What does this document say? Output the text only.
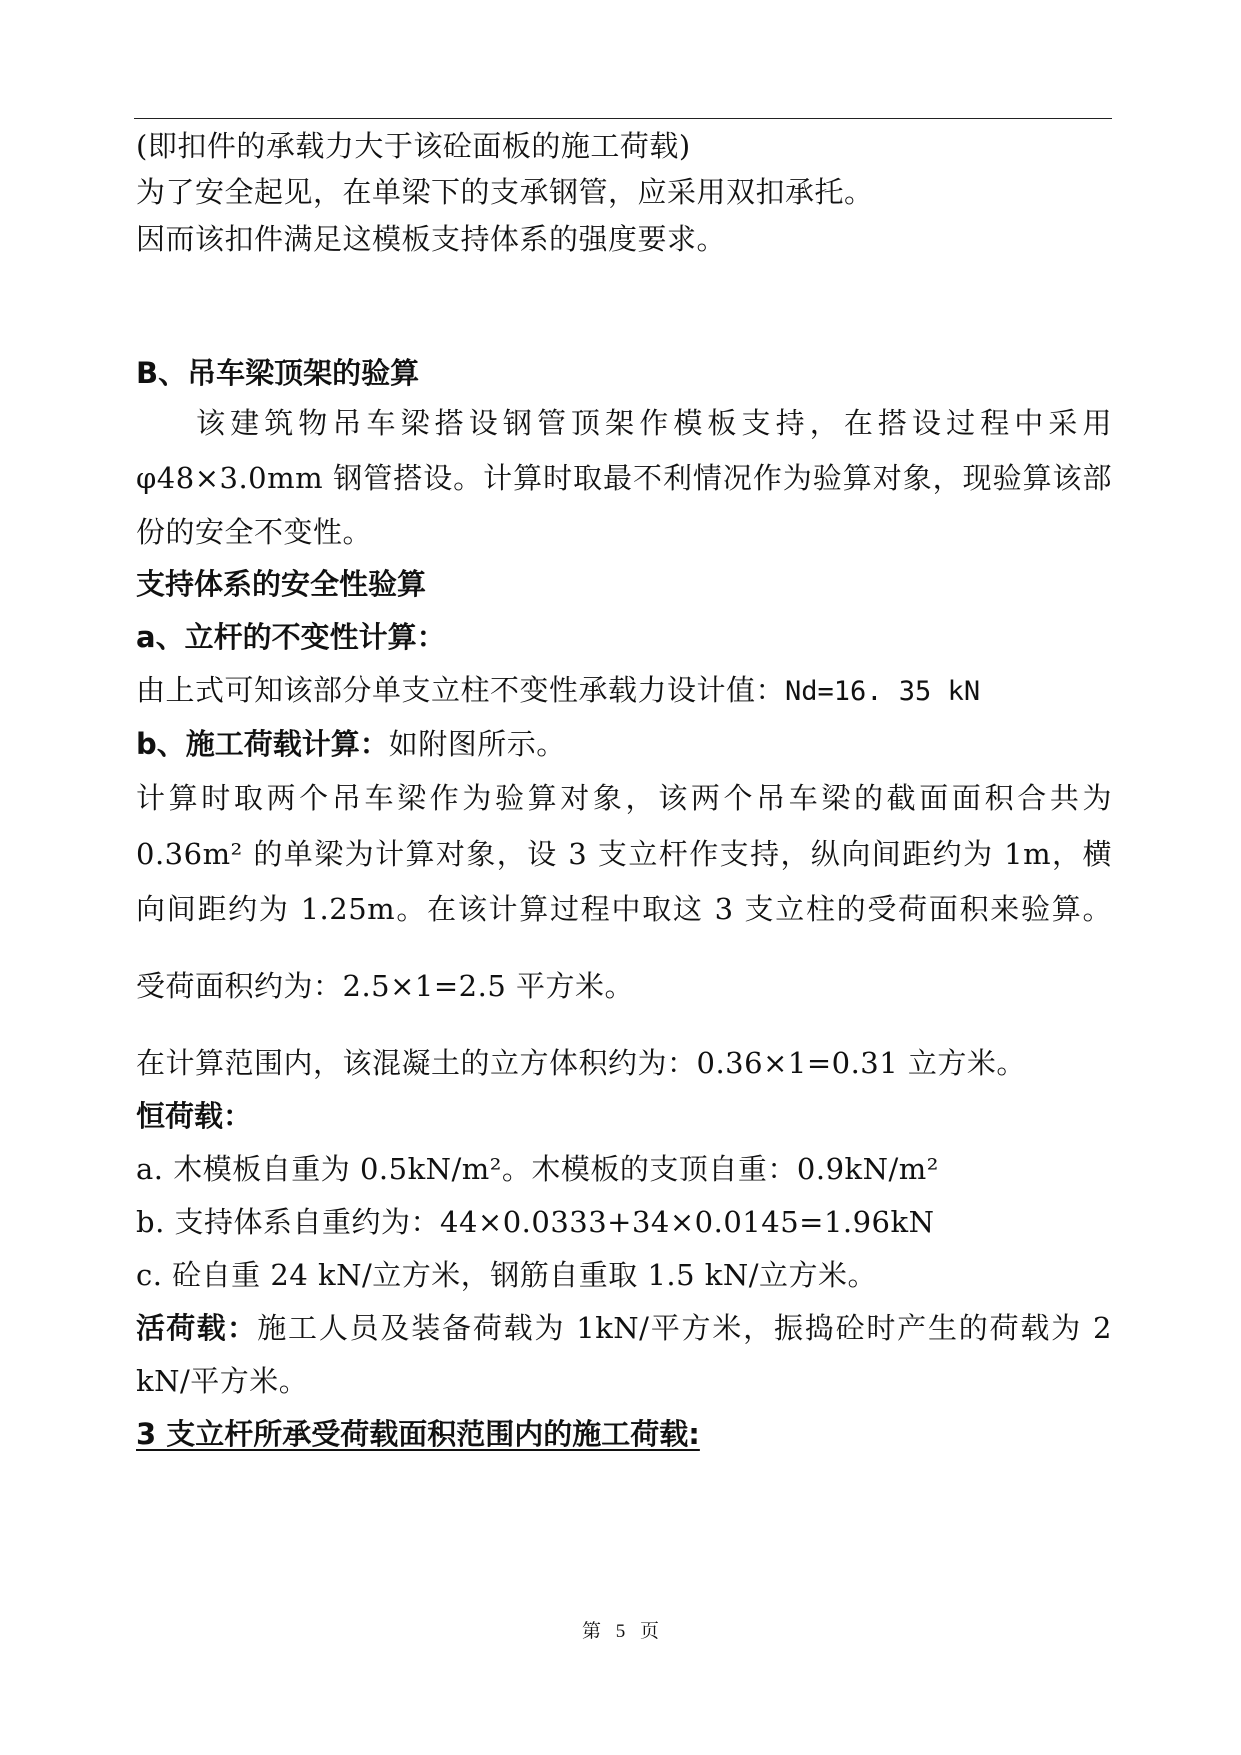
(即扣件的承载力大于该砼面板的施工荷载)
为了安全起见，在单梁下的支承钢管，应采用双扣承托。
因而该扣件满足这模板支持体系的强度要求。
B、吊车梁顶架的验算
该建筑物吊车梁搭设钢管顶架作模板支持，在搭设过程中采用
φ48×3.0mm 钢管搭设。计算时取最不利情况作为验算对象，现验算该部
份的安全不变性。
支持体系的安全性验算
a、立杆的不变性计算：
由上式可知该部分单支立柱不变性承载力设计值：Nd=16. 35 kN
b、施工荷载计算：如附图所示。
计算时取两个吊车梁作为验算对象，该两个吊车梁的截面面积合共为
0.36m² 的单梁为计算对象，设 3 支立杆作支持，纵向间距约为 1m，横
向间距约为 1.25m。在该计算过程中取这 3 支立柱的受荷面积来验算。
受荷面积约为：2.5×1=2.5 平方米。
在计算范围内，该混凝土的立方体积约为：0.36×1=0.31 立方米。
恒荷载：
a. 木模板自重为 0.5kN/m²。木模板的支顶自重：0.9kN/m²
b. 支持体系自重约为：44×0.0333+34×0.0145=1.96kN
c. 砼自重 24 kN/立方米，钢筋自重取 1.5 kN/立方米。
活荷载：施工人员及装备荷载为 1kN/平方米，振捣砼时产生的荷载为 2
kN/平方米。
3 支立杆所承受荷载面积范围内的施工荷载:
第 5 页
